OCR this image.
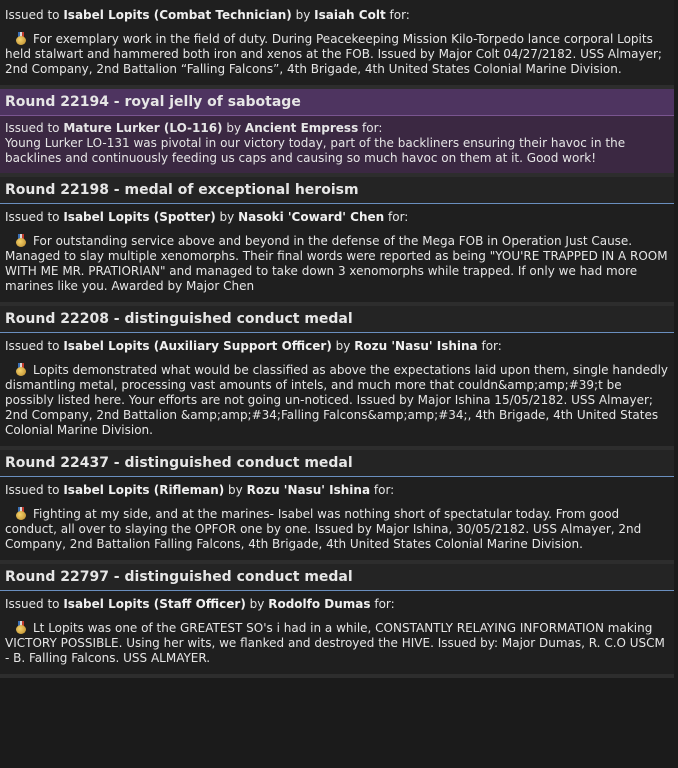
Issued to Isabel Lopits (Combat Technician) by Isaiah Colt for:

For exemplary work in the field of duty. During Peacekeeping Mission Kilo-Torpedo lance corporal Lopits held stalwart and hammered both iron and xenos at the FOB. Issued by Major Colt 04/27/2182. USS Almayer; 2nd Company, 2nd Battalion “Falling Falcons”, 4th Brigade, 4th United States Colonial Marine Division.

Round 22194 - royal jelly of sabotage
Issued to Mature Lurker (LO-116) by Ancient Empress for:

Young Lurker LO-131 was pivotal in our victory today, part of the backliners ensuring their havoc in the backlines and continuously feeding us caps and causing so much havoc on them at it. Good work!

Round 22198 - medal of exceptional heroism
Issued to Isabel Lopits (Spotter) by Nasoki 'Coward' Chen for:

For outstanding service above and beyond in the defense of the Mega FOB in Operation Just Cause. Managed to slay multiple xenomorphs. Their final words were reported as being "YOU'RE TRAPPED IN A ROOM WITH ME MR. PRATIORIAN" and managed to take down 3 xenomorphs while trapped. If only we had more marines like you. Awarded by Major Chen

Round 22208 - distinguished conduct medal
Issued to Isabel Lopits (Auxiliary Support Officer) by Rozu 'Nasu' Ishina for:

Lopits demonstrated what would be classified as above the expectations laid upon them, single handedly dismantling metal, processing vast amounts of intels, and much more that couldn&amp;amp;#39;t be possibly listed here. Your efforts are not going un-noticed. Issued by Major Ishina 15/05/2182. USS Almayer; 2nd Company, 2nd Battalion &amp;amp;#34;Falling Falcons&amp;amp;#34;, 4th Brigade, 4th United States Colonial Marine Division.

Round 22437 - distinguished conduct medal
Issued to Isabel Lopits (Rifleman) by Rozu 'Nasu' Ishina for:

Fighting at my side, and at the marines- Isabel was nothing short of spectatular today. From good conduct, all over to slaying the OPFOR one by one. Issued by Major Ishina, 30/05/2182. USS Almayer, 2nd Company, 2nd Battalion Falling Falcons, 4th Brigade, 4th United States Colonial Marine Division.

Round 22797 - distinguished conduct medal
Issued to Isabel Lopits (Staff Officer) by Rodolfo Dumas for:

Lt Lopits was one of the GREATEST SO's i had in a while, CONSTANTLY RELAYING INFORMATION making VICTORY POSSIBLE. Using her wits, we flanked and destroyed the HIVE. Issued by: Major Dumas, R. C.O USCM - B. Falling Falcons. USS ALMAYER.
